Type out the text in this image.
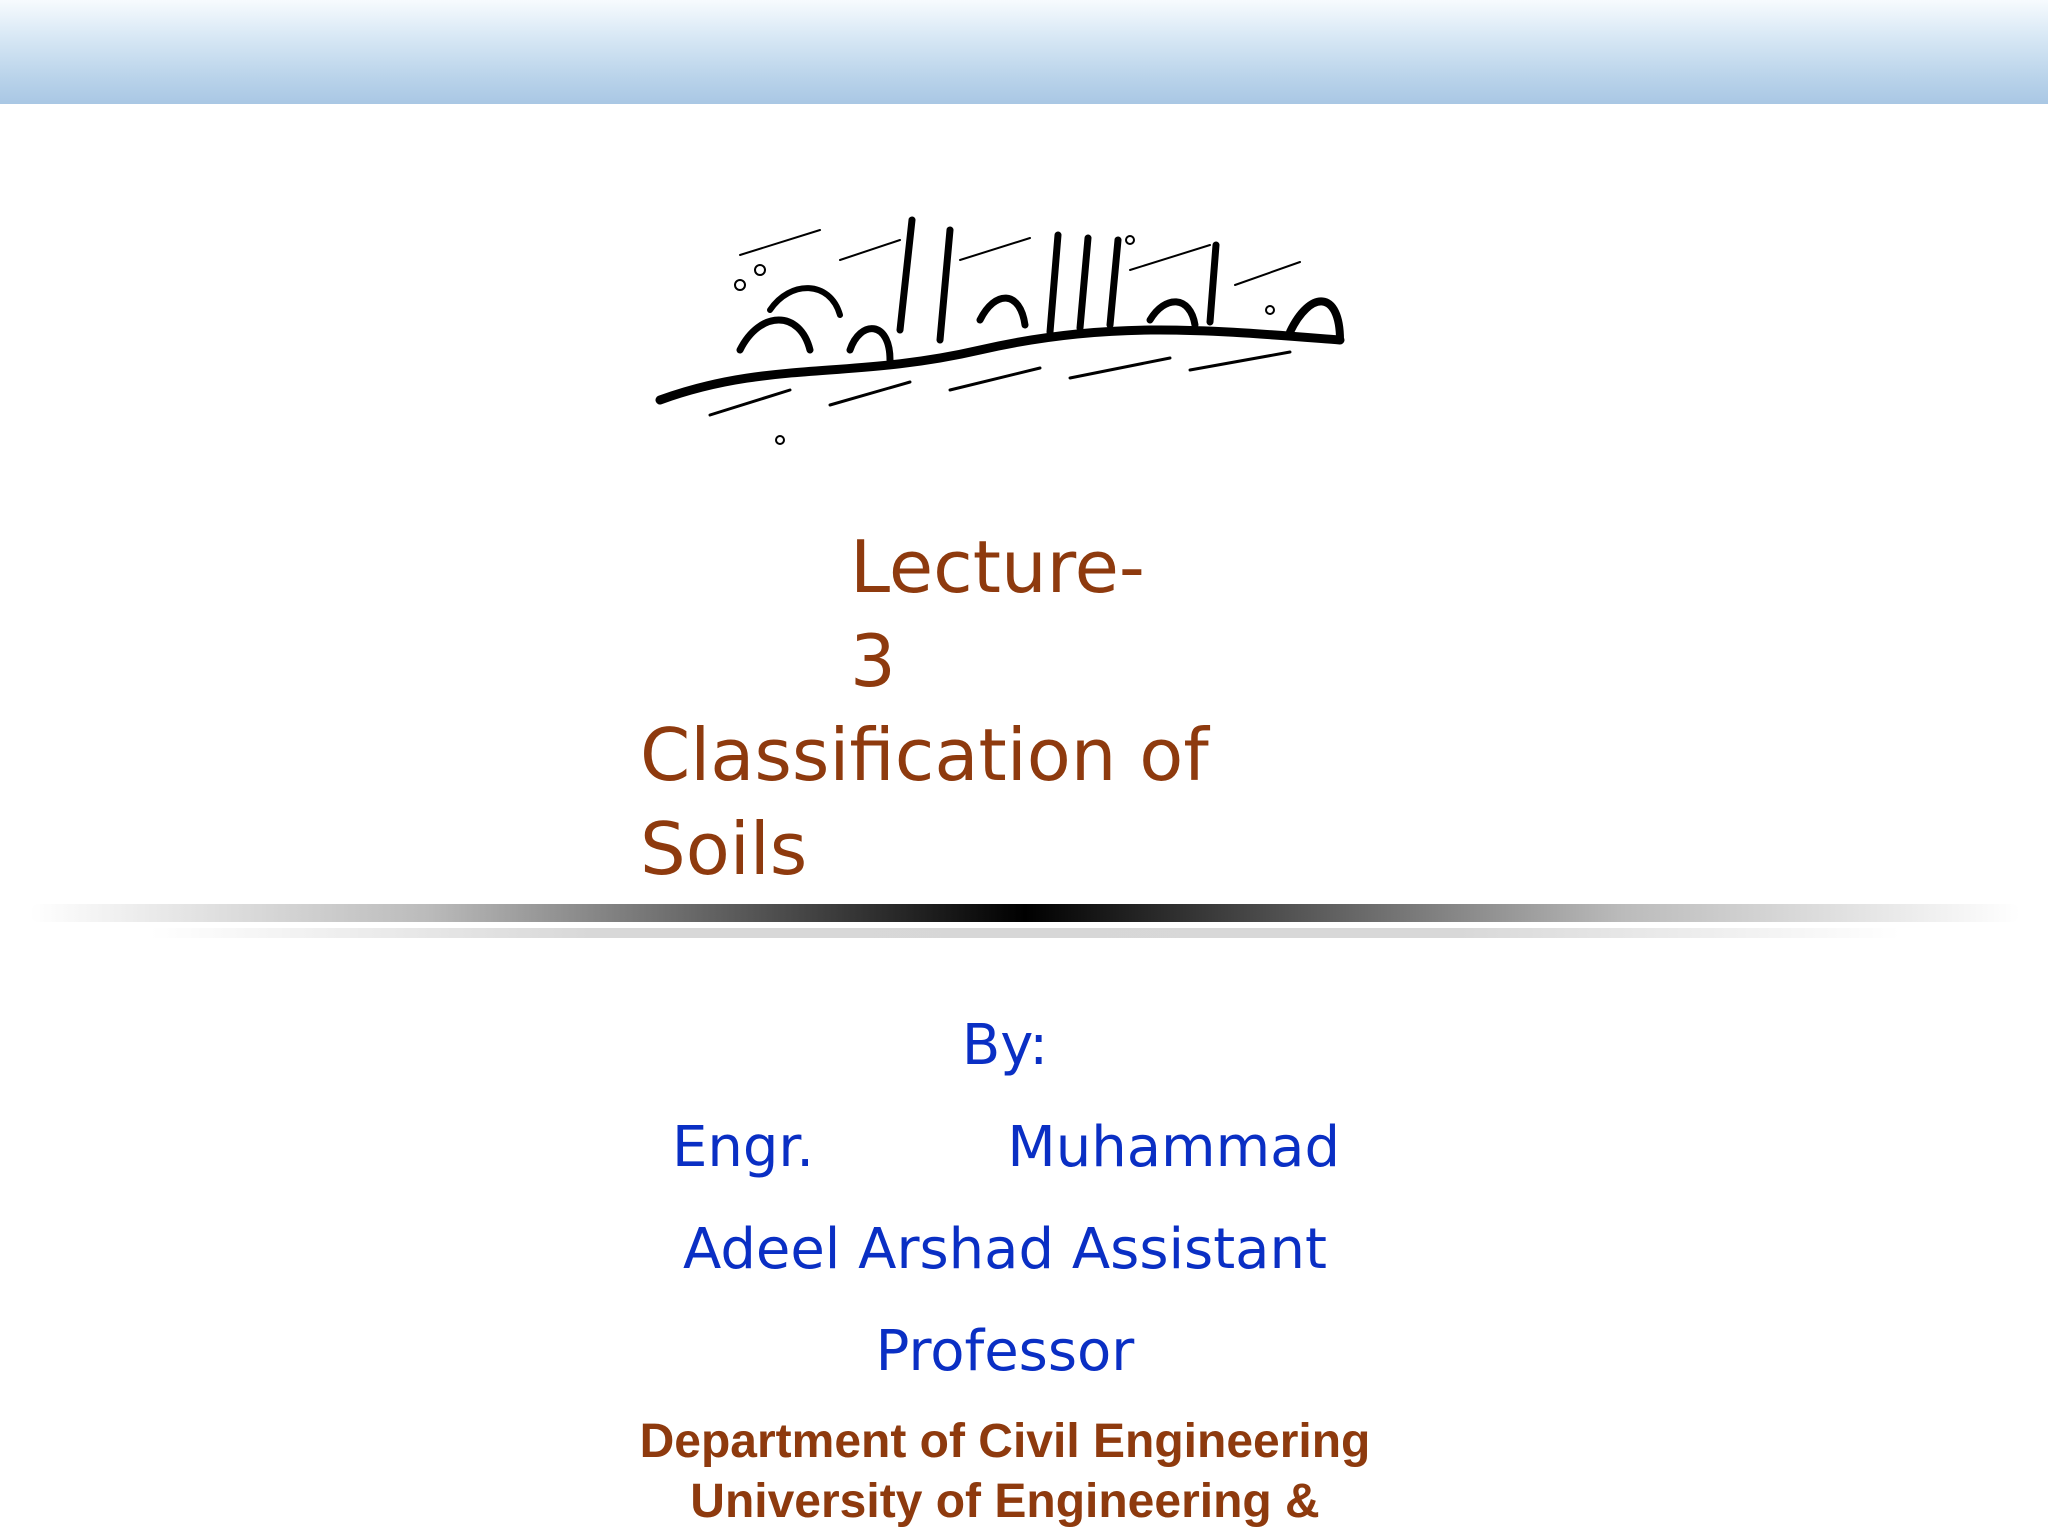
Lecture-
3
Classification of
Soils
By:
Engr.	Muhammad
Adeel Arshad Assistant
Professor
Department of Civil Engineering
University of Engineering &
